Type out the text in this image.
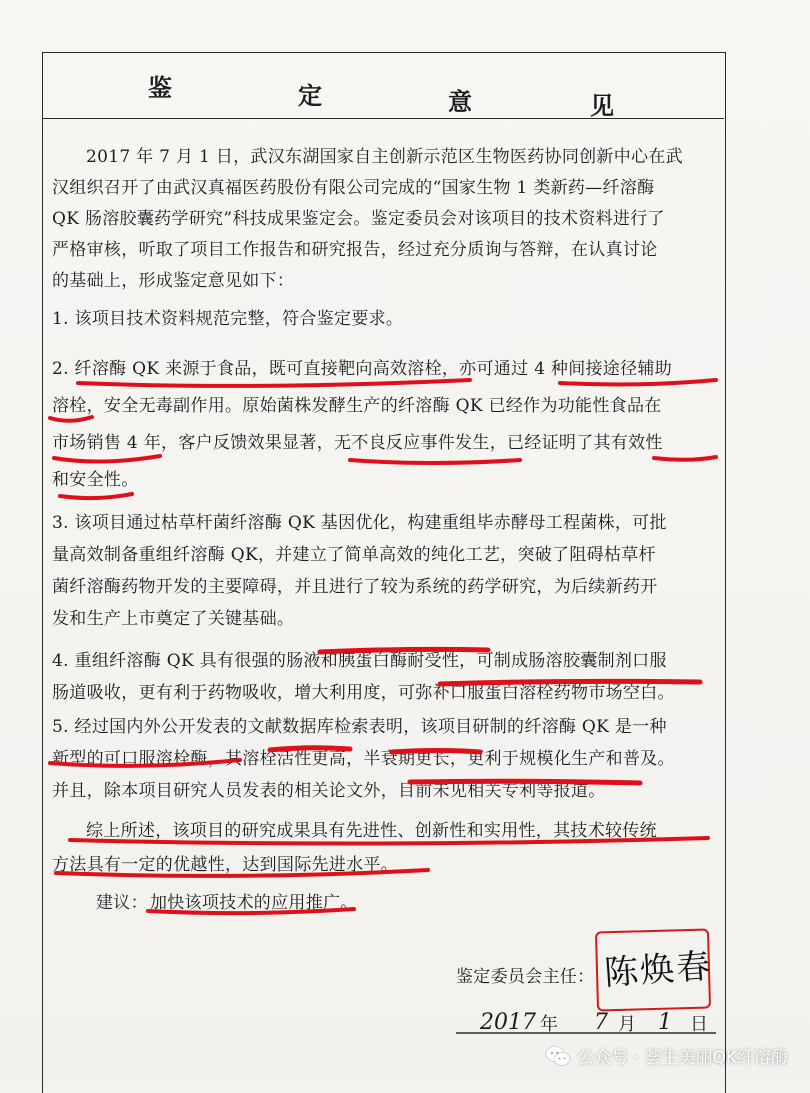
鉴	定	意	见
2017 年 7 月 1 日，武汉东湖国家自主创新示范区生物医药协同创新中心在武
汉组织召开了由武汉真福医药股份有限公司完成的“国家生物 1 类新药—纤溶酶
QK 肠溶胶囊药学研究”科技成果鉴定会。鉴定委员会对该项目的技术资料进行了
严格审核，听取了项目工作报告和研究报告，经过充分质询与答辩，在认真讨论
的基础上，形成鉴定意见如下：
1. 该项目技术资料规范完整，符合鉴定要求。
2. 纤溶酶 QK 来源于食品，既可直接靶向高效溶栓，亦可通过 4 种间接途径辅助
溶栓，安全无毒副作用。原始菌株发酵生产的纤溶酶 QK 已经作为功能性食品在
市场销售 4 年，客户反馈效果显著，无不良反应事件发生，已经证明了其有效性
和安全性。
3. 该项目通过枯草杆菌纤溶酶 QK 基因优化，构建重组毕赤酵母工程菌株，可批
量高效制备重组纤溶酶 QK，并建立了简单高效的纯化工艺，突破了阻碍枯草杆
菌纤溶酶药物开发的主要障碍，并且进行了较为系统的药学研究，为后续新药开
发和生产上市奠定了关键基础。
4. 重组纤溶酶 QK 具有很强的肠液和胰蛋白酶耐受性，可制成肠溶胶囊制剂口服
肠道吸收，更有利于药物吸收，增大利用度，可弥补口服蛋白溶栓药物市场空白。
5. 经过国内外公开发表的文献数据库检索表明，该项目研制的纤溶酶 QK 是一种
新型的可口服溶栓酶，其溶栓活性更高，半衰期更长，更利于规模化生产和普及。
并且，除本项目研究人员发表的相关论文外，目前未见相关专利等报道。
综上所述，该项目的研究成果具有先进性、创新性和实用性，其技术较传统
方法具有一定的优越性，达到国际先进水平。
建议： 加快该项技术的应用推广。
鉴定委员会主任： 陈焕春
2017 年 7 月 1 日
公众号 · 荟生美丽QK纤溶酶
